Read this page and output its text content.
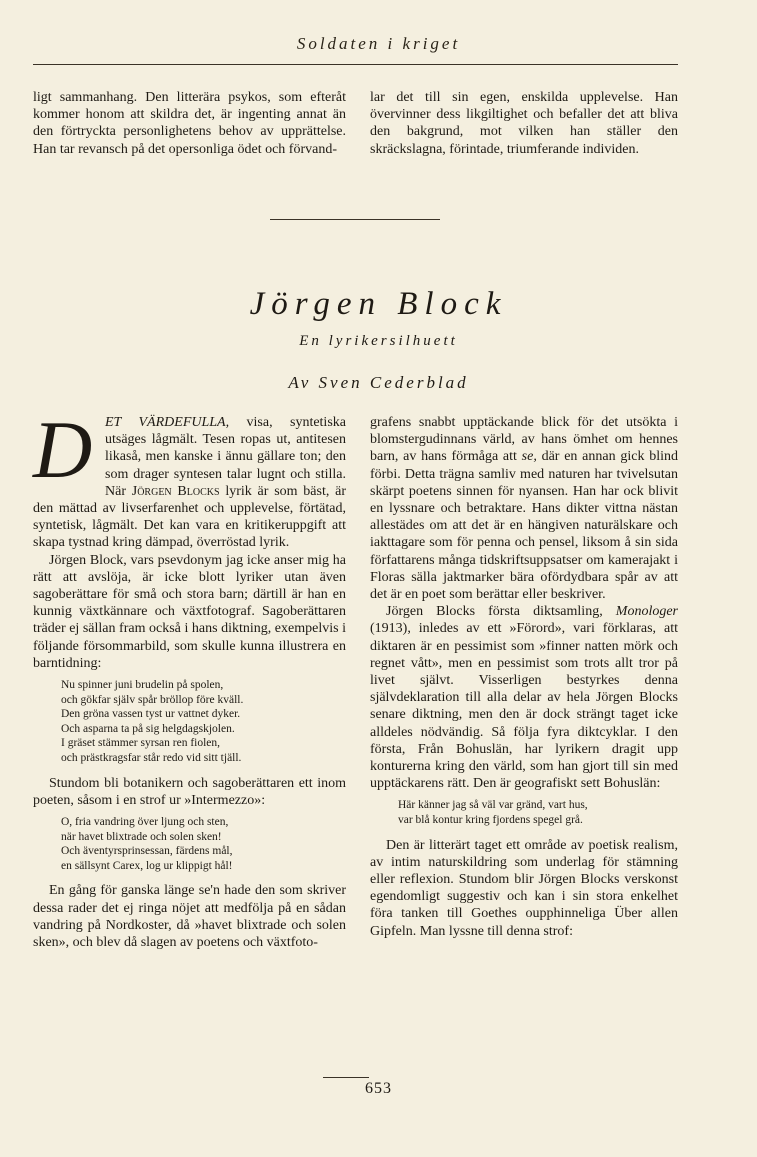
Soldaten i kriget

ligt sammanhang. Den litterära psykos, som efteråt kommer honom att skildra det, är ingenting annat än den förtryckta personlighetens behov av upprättelse. Han tar revansch på det opersonliga ödet och förvand-

lar det till sin egen, enskilda upplevelse. Han övervinner dess likgiltighet och befaller det att bliva den bakgrund, mot vilken han ställer den skräckslagna, förintade, triumferande individen.

Jörgen Block
En lyrikersilhuett
Av Sven Cederblad

DET VÄRDEFULLA, visa, syntetiska utsäges lågmält. Tesen ropas ut, antitesen likaså, men kanske i ännu gällare ton; den som drager syntesen talar lugnt och stilla. När Jörgen Blocks lyrik är som bäst, är den mättad av livserfarenhet och upplevelse, förtätad, syntetisk, lågmält. Det kan vara en kritikeruppgift att skapa tystnad kring dämpad, överröstad lyrik.

Jörgen Block, vars psevdonym jag icke anser mig ha rätt att avslöja, är icke blott lyriker utan även sagoberättare för små och stora barn; därtill är han en kunnig växtkännare och växtfotograf. Sagoberättaren träder ej sällan fram också i hans diktning, exempelvis i följande försommarbild, som skulle kunna illustrera en barntidning:

Nu spinner juni brudelin på spolen,
och gökfar själv spår bröllop före kväll.
Den gröna vassen tyst ur vattnet dyker.
Och asparna ta på sig helgdagskjolen.
I gräset stämmer syrsan ren fiolen,
och prästkragsfar står redo vid sitt tjäll.

Stundom bli botanikern och sagoberättaren ett inom poeten, såsom i en strof ur »Intermezzo»:

O, fria vandring över ljung och sten,
när havet blixtrade och solen sken!
Och äventyrsprinsessan, färdens mål,
en sällsynt Carex, log ur klippigt hål!

En gång för ganska länge se'n hade den som skriver dessa rader det ej ringa nöjet att medfölja på en sådan vandring på Nordkoster, då »havet blixtrade och solen sken», och blev då slagen av poetens och växtfoto-

grafens snabbt upptäckande blick för det utsökta i blomstergudinnans värld, av hans ömhet om hennes barn, av hans förmåga att se, där en annan gick blind förbi. Detta trägna samliv med naturen har tvivelsutan skärpt poetens sinnen för nyansen. Han har ock blivit en lyssnare och betraktare. Hans dikter vittna nästan allestädes om att det är en hängiven naturälskare och iakttagare som för penna och pensel, liksom å sin sida författarens många tidskriftsuppsatser om kamerajakt i Floras sälla jaktmarker bära ofördydbara spår av att det är en poet som berättar eller beskriver.

Jörgen Blocks första diktsamling, Monologer (1913), inledes av ett »Förord», vari förklaras, att diktaren är en pessimist som »finner natten mörk och regnet vått», men en pessimist som trots allt tror på livet självt. Visserligen bestyrkes denna självdeklaration till alla delar av hela Jörgen Blocks senare diktning, men den är dock strängt taget icke alldeles nödvändig. Så följa fyra diktcyklar. I den första, Från Bohuslän, har lyrikern dragit upp konturerna kring den värld, som han gjort till sin med upptäckarens rätt. Den är geografiskt sett Bohuslän:

Här känner jag så väl var gränd, vart hus,
var blå kontur kring fjordens spegel grå.

Den är litterärt taget ett område av poetisk realism, av intim naturskildring som underlag för stämning eller reflexion. Stundom blir Jörgen Blocks verskonst egendomligt suggestiv och kan i sin stora enkelhet föra tanken till Goethes oupphinneliga Über allen Gipfeln. Man lyssne till denna strof:

653
